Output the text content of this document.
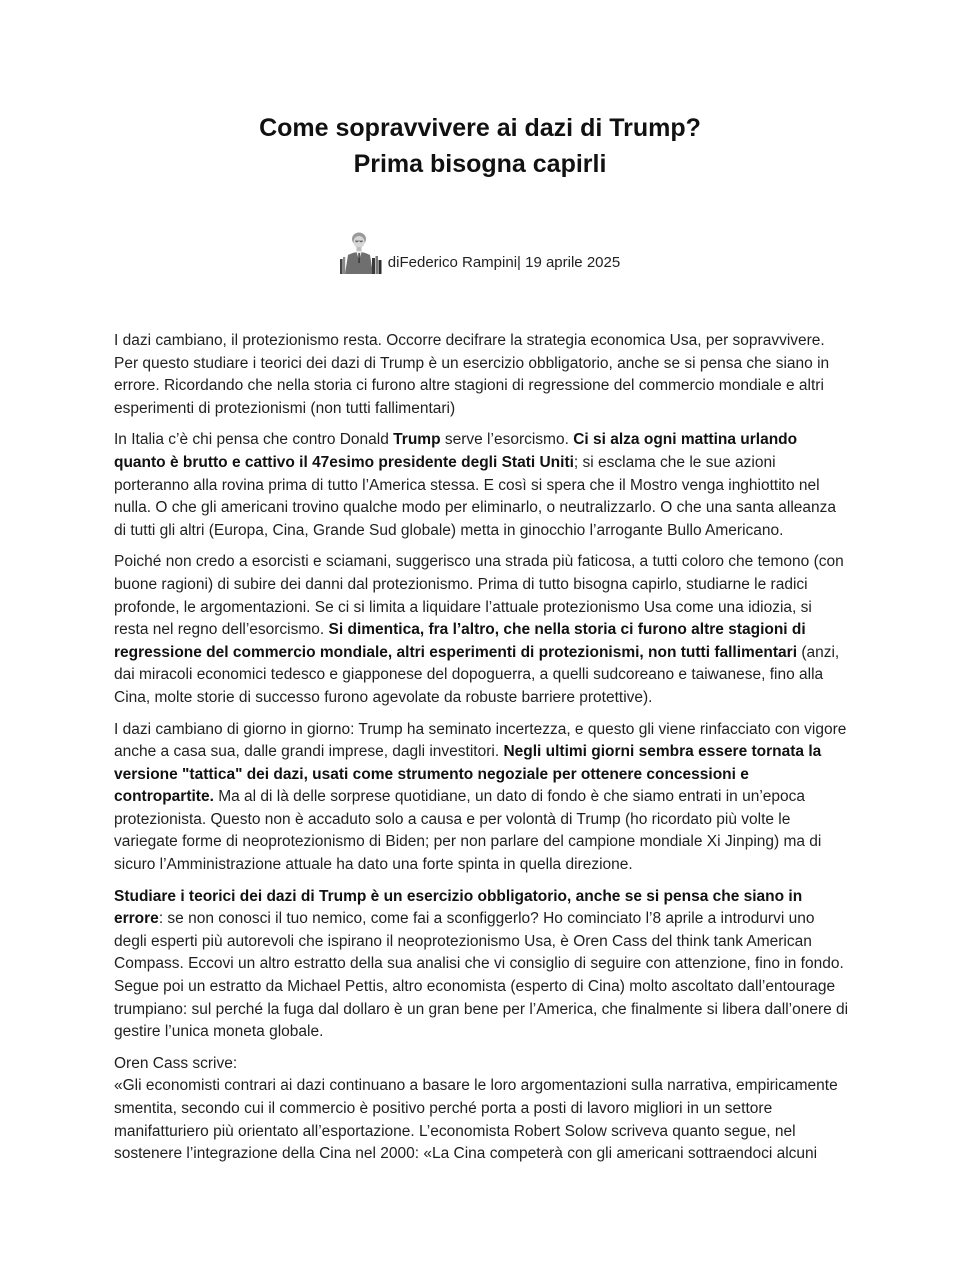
Come sopravvivere ai dazi di Trump?
Prima bisogna capirli
diFederico Rampini| 19 aprile 2025

I dazi cambiano, il protezionismo resta. Occorre decifrare la strategia economica Usa, per sopravvivere. Per questo studiare i teorici dei dazi di Trump è un esercizio obbligatorio, anche se si pensa che siano in errore. Ricordando che nella storia ci furono altre stagioni di regressione del commercio mondiale e altri esperimenti di protezionismi (non tutti fallimentari)

In Italia c’è chi pensa che contro Donald Trump serve l’esorcismo. Ci si alza ogni mattina urlando quanto è brutto e cattivo il 47esimo presidente degli Stati Uniti; si esclama che le sue azioni porteranno alla rovina prima di tutto l’America stessa. E così si spera che il Mostro venga inghiottito nel nulla. O che gli americani trovino qualche modo per eliminarlo, o neutralizzarlo. O che una santa alleanza di tutti gli altri (Europa, Cina, Grande Sud globale) metta in ginocchio l’arrogante Bullo Americano.

Poiché non credo a esorcisti e sciamani, suggerisco una strada più faticosa, a tutti coloro che temono (con buone ragioni) di subire dei danni dal protezionismo. Prima di tutto bisogna capirlo, studiarne le radici profonde, le argomentazioni. Se ci si limita a liquidare l’attuale protezionismo Usa come una idiozia, si resta nel regno dell’esorcismo. Si dimentica, fra l’altro, che nella storia ci furono altre stagioni di regressione del commercio mondiale, altri esperimenti di protezionismi, non tutti fallimentari (anzi, dai miracoli economici tedesco e giapponese del dopoguerra, a quelli sudcoreano e taiwanese, fino alla Cina, molte storie di successo furono agevolate da robuste barriere protettive).

I dazi cambiano di giorno in giorno: Trump ha seminato incertezza, e questo gli viene rinfacciato con vigore anche a casa sua, dalle grandi imprese, dagli investitori. Negli ultimi giorni sembra essere tornata la versione "tattica" dei dazi, usati come strumento negoziale per ottenere concessioni e contropartite. Ma al di là delle sorprese quotidiane, un dato di fondo è che siamo entrati in un’epoca protezionista. Questo non è accaduto solo a causa e per volontà di Trump (ho ricordato più volte le variegate forme di neoprotezionismo di Biden; per non parlare del campione mondiale Xi Jinping) ma di sicuro l’Amministrazione attuale ha dato una forte spinta in quella direzione.

Studiare i teorici dei dazi di Trump è un esercizio obbligatorio, anche se si pensa che siano in errore: se non conosci il tuo nemico, come fai a sconfiggerlo? Ho cominciato l’8 aprile a introdurvi uno degli esperti più autorevoli che ispirano il neoprotezionismo Usa, è Oren Cass del think tank American Compass. Eccovi un altro estratto della sua analisi che vi consiglio di seguire con attenzione, fino in fondo. Segue poi un estratto da Michael Pettis, altro economista (esperto di Cina) molto ascoltato dall’entourage trumpiano: sul perché la fuga dal dollaro è un gran bene per l’America, che finalmente si libera dall’onere di gestire l’unica moneta globale.

Oren Cass scrive:

«Gli economisti contrari ai dazi continuano a basare le loro argomentazioni sulla narrativa, empiricamente smentita, secondo cui il commercio è positivo perché porta a posti di lavoro migliori in un settore manifatturiero più orientato all’esportazione. L’economista Robert Solow scriveva quanto segue, nel sostenere l’integrazione della Cina nel 2000: «La Cina competerà con gli americani sottraendoci alcuni
